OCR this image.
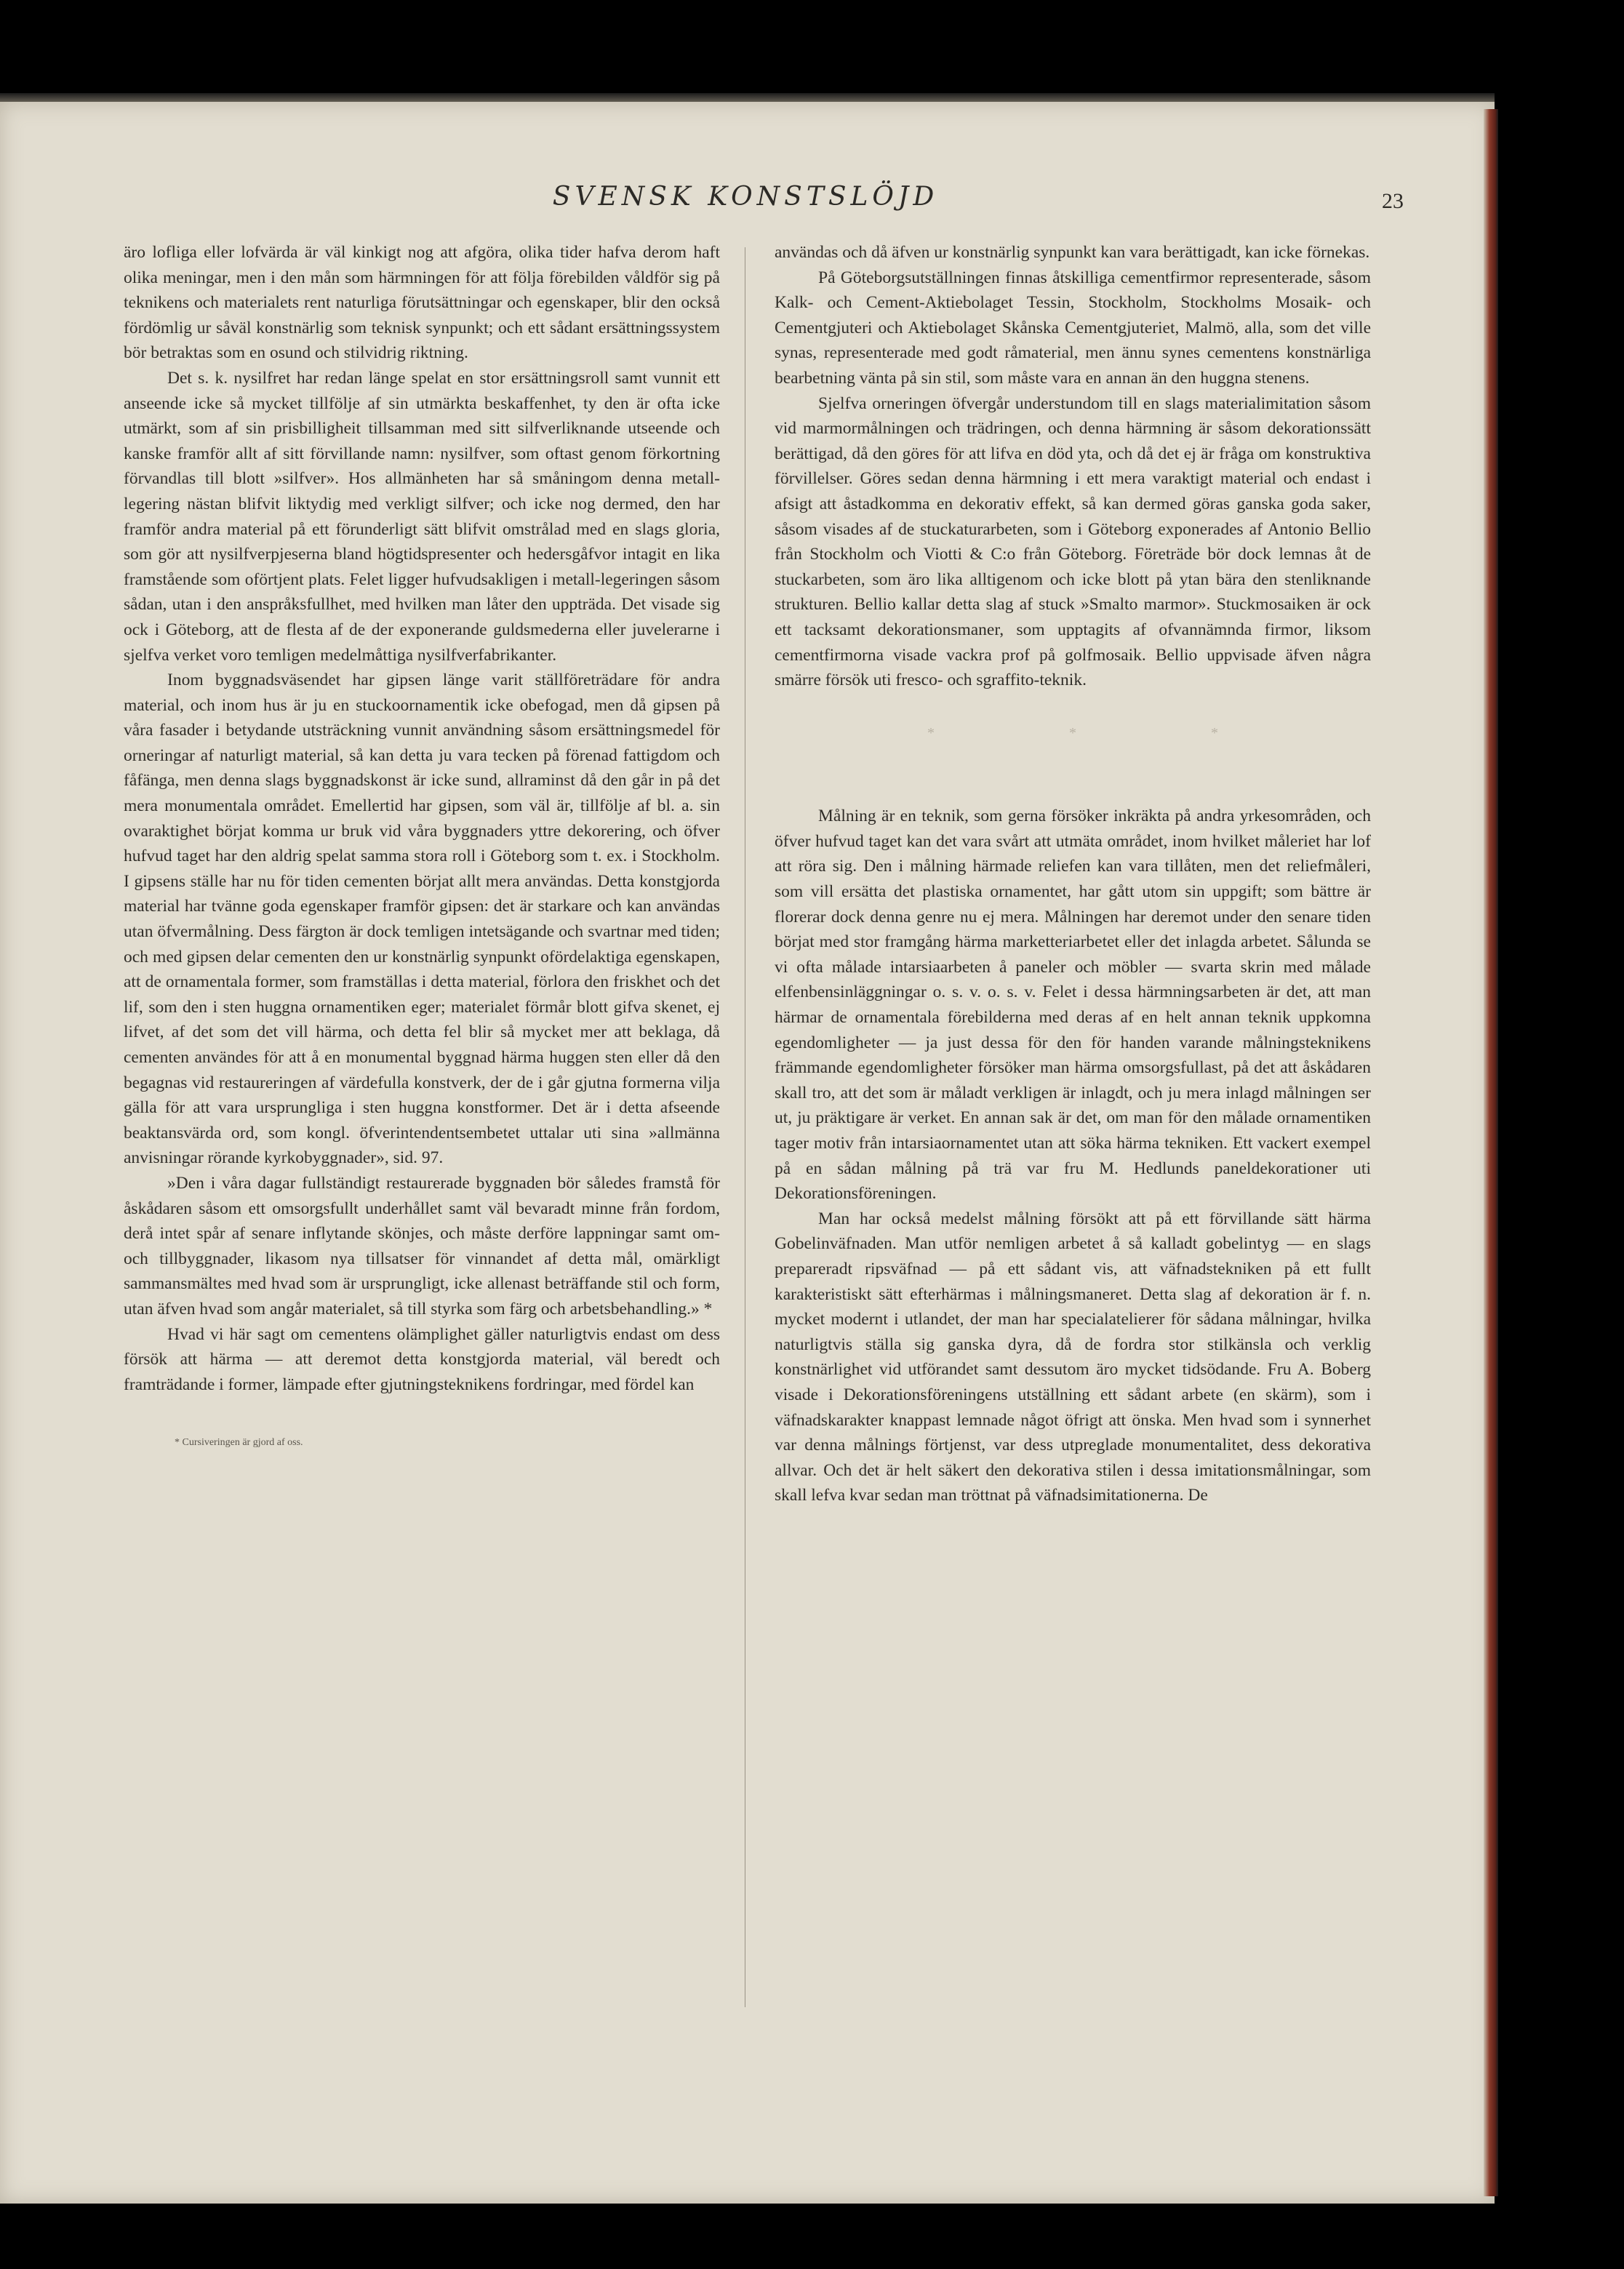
SVENSK KONSTSLÖJD	23

äro lofliga eller lofvärda är väl kinkigt nog att afgöra, olika tider hafva derom haft olika meningar, men i den mån som härmningen för att följa förebilden våldför sig på teknikens och materialets rent naturliga förutsättningar och egenskaper, blir den också fördömlig ur såväl konstnärlig som teknisk synpunkt; och ett sådant ersättningssystem bör betraktas som en osund och stilvidrig riktning.

Det s. k. nysilfret har redan länge spelat en stor ersättningsroll samt vunnit ett anseende icke så mycket tillfölje af sin utmärkta beskaffenhet, ty den är ofta icke utmärkt, som af sin prisbilligheit tillsamman med sitt silfverliknande utseende och kanske framför allt af sitt förvillande namn: nysilfver, som oftast genom förkortning förvandlas till blott »silfver». Hos allmänheten har så småningom denna metall-legering nästan blifvit liktydig med verkligt silfver; och icke nog dermed, den har framför andra material på ett förunderligt sätt blifvit omstrålad med en slags gloria, som gör att nysilfverpjeserna bland högtidspresenter och hedersgåfvor intagit en lika framstående som oförtjent plats. Felet ligger hufvudsakligen i metall-legeringen såsom sådan, utan i den anspråksfullhet, med hvilken man låter den uppträda. Det visade sig ock i Göteborg, att de flesta af de der exponerande guldsmederna eller juvelerarne i sjelfva verket voro temligen medelmåttiga nysilfverfabrikanter.

Inom byggnadsväsendet har gipsen länge varit ställföreträdare för andra material, och inom hus är ju en stuckoornamentik icke obefogad, men då gipsen på våra fasader i betydande utsträckning vunnit användning såsom ersättningsmedel för orneringar af naturligt material, så kan detta ju vara tecken på förenad fattigdom och fåfänga, men denna slags byggnadskonst är icke sund, allraminst då den går in på det mera monumentala området. Emellertid har gipsen, som väl är, tillfölje af bl. a. sin ovaraktighet börjat komma ur bruk vid våra byggnaders yttre dekorering, och öfver hufvud taget har den aldrig spelat samma stora roll i Göteborg som t. ex. i Stockholm. I gipsens ställe har nu för tiden cementen börjat allt mera användas. Detta konstgjorda material har tvänne goda egenskaper framför gipsen: det är starkare och kan användas utan öfvermålning. Dess färgton är dock temligen intetsägande och svartnar med tiden; och med gipsen delar cementen den ur konstnärlig synpunkt ofördelaktiga egenskapen, att de ornamentala former, som framställas i detta material, förlora den friskhet och det lif, som den i sten huggna ornamentiken eger; materialet förmår blott gifva skenet, ej lifvet, af det som det vill härma, och detta fel blir så mycket mer att beklaga, då cementen användes för att å en monumental byggnad härma huggen sten eller då den begagnas vid restaureringen af värdefulla konstverk, der de i går gjutna formerna vilja gälla för att vara ursprungliga i sten huggna konstformer. Det är i detta afseende beaktansvärda ord, som kongl. öfverintendentsembetet uttalar uti sina »allmänna anvisningar rörande kyrkobyggnader», sid. 97.

»Den i våra dagar fullständigt restaurerade byggnaden bör således framstå för åskådaren såsom ett omsorgsfullt underhållet samt väl bevaradt minne från fordom, derå intet spår af senare inflytande skönjes, och måste derföre lappningar samt om- och tillbyggnader, likasom nya tillsatser för vinnandet af detta mål, omärkligt sammansmältes med hvad som är ursprungligt, icke allenast beträffande stil och form, utan äfven hvad som angår materialet, så till styrka som färg och arbetsbehandling.» *

Hvad vi här sagt om cementens olämplighet gäller naturligtvis endast om dess försök att härma — att deremot detta konstgjorda material, väl beredt och framträdande i former, lämpade efter gjutningsteknikens fordringar, med fördel kan

* Cursiveringen är gjord af oss.

användas och då äfven ur konstnärlig synpunkt kan vara berättigadt, kan icke förnekas.

På Göteborgsutställningen finnas åtskilliga cementfirmor representerade, såsom Kalk- och Cement-Aktiebolaget Tessin, Stockholm, Stockholms Mosaik- och Cementgjuteri och Aktiebolaget Skånska Cementgjuteriet, Malmö, alla, som det ville synas, representerade med godt råmaterial, men ännu synes cementens konstnärliga bearbetning vänta på sin stil, som måste vara en annan än den huggna stenens.

Sjelfva orneringen öfvergår understundom till en slags materialimitation såsom vid marmormålningen och trädringen, och denna härmning är såsom dekorationssätt berättigad, då den göres för att lifva en död yta, och då det ej är fråga om konstruktiva förvillelser. Göres sedan denna härmning i ett mera varaktigt material och endast i afsigt att åstadkomma en dekorativ effekt, så kan dermed göras ganska goda saker, såsom visades af de stuckaturarbeten, som i Göteborg exponerades af Antonio Bellio från Stockholm och Viotti & C:o från Göteborg. Företräde bör dock lemnas åt de stuckarbeten, som äro lika alltigenom och icke blott på ytan bära den stenliknande strukturen. Bellio kallar detta slag af stuck »Smalto marmor». Stuckmosaiken är ock ett tacksamt dekorationsmaner, som upptagits af ofvannämnda firmor, liksom cementfirmorna visade vackra prof på golfmosaik. Bellio uppvisade äfven några smärre försök uti fresco- och sgraffito-teknik.

* * *

Målning är en teknik, som gerna försöker inkräkta på andra yrkesområden, och öfver hufvud taget kan det vara svårt att utmäta området, inom hvilket måleriet har lof att röra sig. Den i målning härmade reliefen kan vara tillåten, men det reliefmåleri, som vill ersätta det plastiska ornamentet, har gått utom sin uppgift; som bättre är florerar dock denna genre nu ej mera. Målningen har deremot under den senare tiden börjat med stor framgång härma marketteriarbetet eller det inlagda arbetet. Sålunda se vi ofta målade intarsiaarbeten å paneler och möbler — svarta skrin med målade elfenbensinläggningar o. s. v. o. s. v. Felet i dessa härmningsarbeten är det, att man härmar de ornamentala förebilderna med deras af en helt annan teknik uppkomna egendomligheter — ja just dessa för den för handen varande målningsteknikens främmande egendomligheter försöker man härma omsorgsfullast, på det att åskådaren skall tro, att det som är måladt verkligen är inlagdt, och ju mera inlagd målningen ser ut, ju präktigare är verket. En annan sak är det, om man för den målade ornamentiken tager motiv från intarsiaornamentet utan att söka härma tekniken. Ett vackert exempel på en sådan målning på trä var fru M. Hedlunds paneldekorationer uti Dekorationsföreningen.

Man har också medelst målning försökt att på ett förvillande sätt härma Gobelinväfnaden. Man utför nemligen arbetet å så kalladt gobelintyg — en slags prepareradt ripsväfnad — på ett sådant vis, att väfnadstekniken på ett fullt karakteristiskt sätt efterhärmas i målningsmaneret. Detta slag af dekoration är f. n. mycket modernt i utlandet, der man har specialatelierer för sådana målningar, hvilka naturligtvis ställa sig ganska dyra, då de fordra stor stilkänsla och verklig konstnärlighet vid utförandet samt dessutom äro mycket tidsödande. Fru A. Boberg visade i Dekorationsföreningens utställning ett sådant arbete (en skärm), som i väfnadskarakter knappast lemnade något öfrigt att önska. Men hvad som i synnerhet var denna målnings förtjenst, var dess utpreglade monumentalitet, dess dekorativa allvar. Och det är helt säkert den dekorativa stilen i dessa imitationsmålningar, som skall lefva kvar sedan man tröttnat på väfnadsimitationerna. De
